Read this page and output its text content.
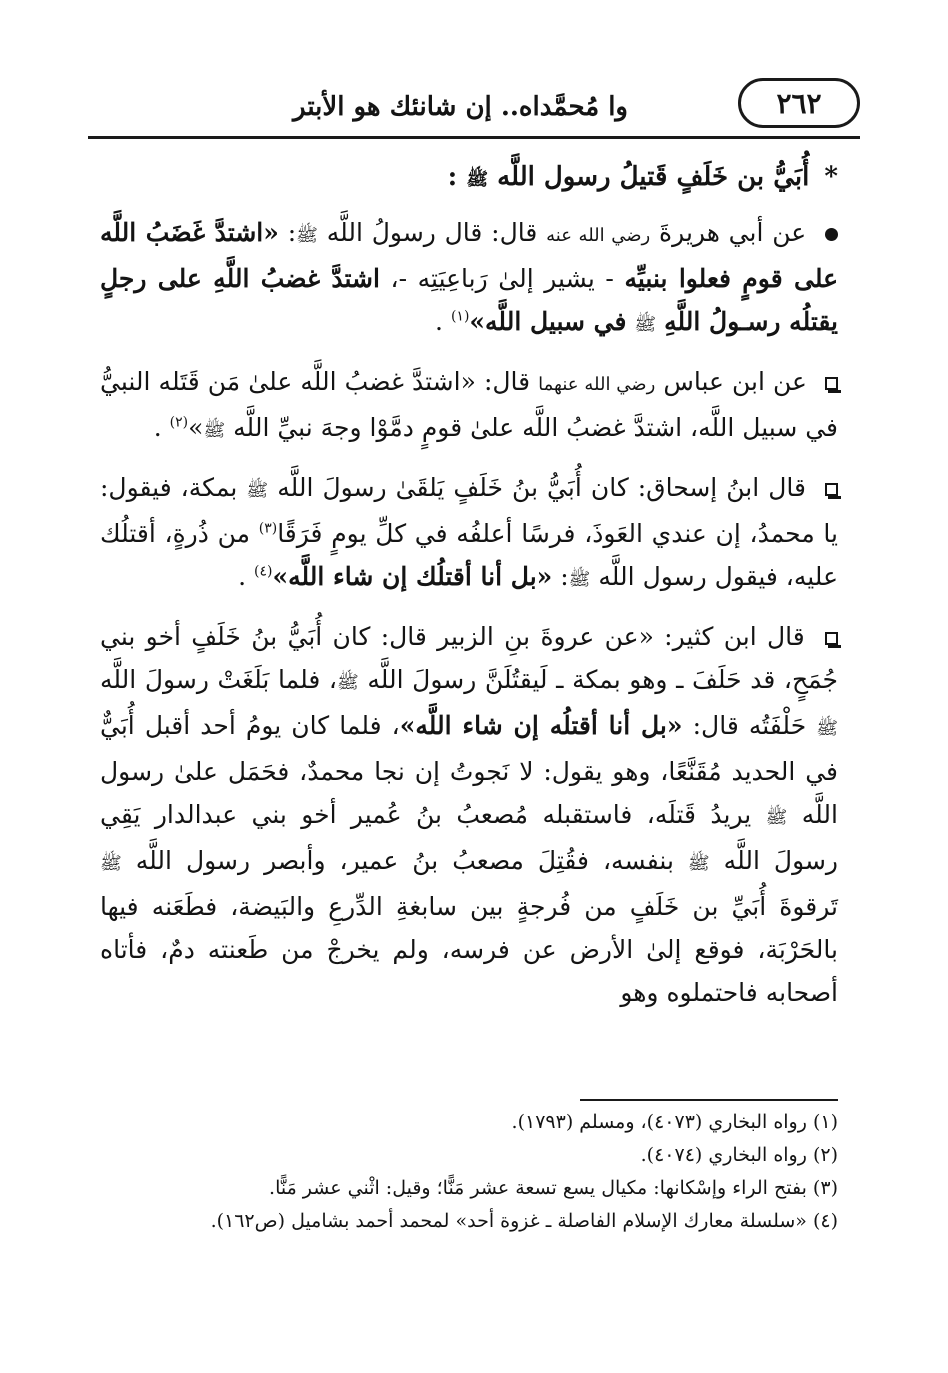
وا مُحمَّداه.. إن شانئك هو الأبتر	٢٦٢

* أُبَيُّ بن خَلَفٍ قَتيلُ رسول اللَّه ﷺ :

عن أبي هريرةَ رضي الله عنه قال: قال رسولُ اللَّه ﷺ: «اشتدَّ غَضَبُ اللَّه على قومٍ فعلوا بنبيِّه - يشير إلىٰ رَباعِيَتِه -، اشتدَّ غضبُ اللَّهِ على رجلٍ يقتلُه رسـولُ اللَّهِ ﷺ في سبيل اللَّه»$^{(١)}$ .

عن ابن عباس رضي الله عنهما قال: «اشتدَّ غضبُ اللَّه علىٰ مَن قَتَله النبيُّ في سبيل اللَّه، اشتدَّ غضبُ اللَّه علىٰ قومٍ دمَّوْا وجهَ نبيِّ اللَّه ﷺ»$^{(٢)}$ .

قال ابنُ إسحاق: كان أُبَيُّ بنُ خَلَفٍ يَلقَىٰ رسولَ اللَّه ﷺ بمكة، فيقول: يا محمدُ، إن عندي العَوذَ، فرسًا أعلفُه في كلِّ يومٍ فَرَقًا$^{(٣)}$ من ذُرةٍ، أقتلُك عليه، فيقول رسول اللَّه ﷺ: «بل أنا أقتلُك إن شاء اللَّه»$^{(٤)}$ .

قال ابن كثير: «عن عروةَ بنِ الزبير قال: كان أُبَيُّ بنُ خَلَفٍ أخو بني جُمَحٍ، قد حَلَفَ ـ وهو بمكة ـ لَيقتُلَنَّ رسولَ اللَّه ﷺ، فلما بَلَغَتْ رسولَ اللَّه ﷺ حَلْفَتُه قال: «بل أنا أقتلُه إن شاء اللَّه»، فلما كان يومُ أحد أقبل أُبَيٌّ في الحديد مُقَنَّعًا، وهو يقول: لا نَجوتُ إن نجا محمدٌ، فحَمَل علىٰ رسول اللَّه ﷺ يريدُ قَتلَه، فاستقبله مُصعبُ بنُ عُمير أخو بني عبدالدار يَقِي رسولَ اللَّه ﷺ بنفسه، فقُتِلَ مصعبُ بنُ عمير، وأبصر رسول اللَّه ﷺ تَرقوةَ أُبَيِّ بن خَلَفٍ من فُرجةٍ بين سابغةِ الدِّرعِ والبَيضة، فطَعَنه فيها بالحَرْبَة، فوقع إلىٰ الأرض عن فرسه، ولم يخرجْ من طَعنته دمٌ، فأتاه أصحابه فاحتملوه وهو

(١) رواه البخاري (٤٠٧٣)، ومسلم (١٧٩٣).
(٢) رواه البخاري (٤٠٧٤).
(٣) بفتح الراء وإسْكانها: مكيال يسع تسعة عشر مَنًّا؛ وقيل: اثْني عشر مَنًّا.
(٤) «سلسلة معارك الإسلام الفاصلة ـ غزوة أحد» لمحمد أحمد بشاميل (ص١٦٢).
